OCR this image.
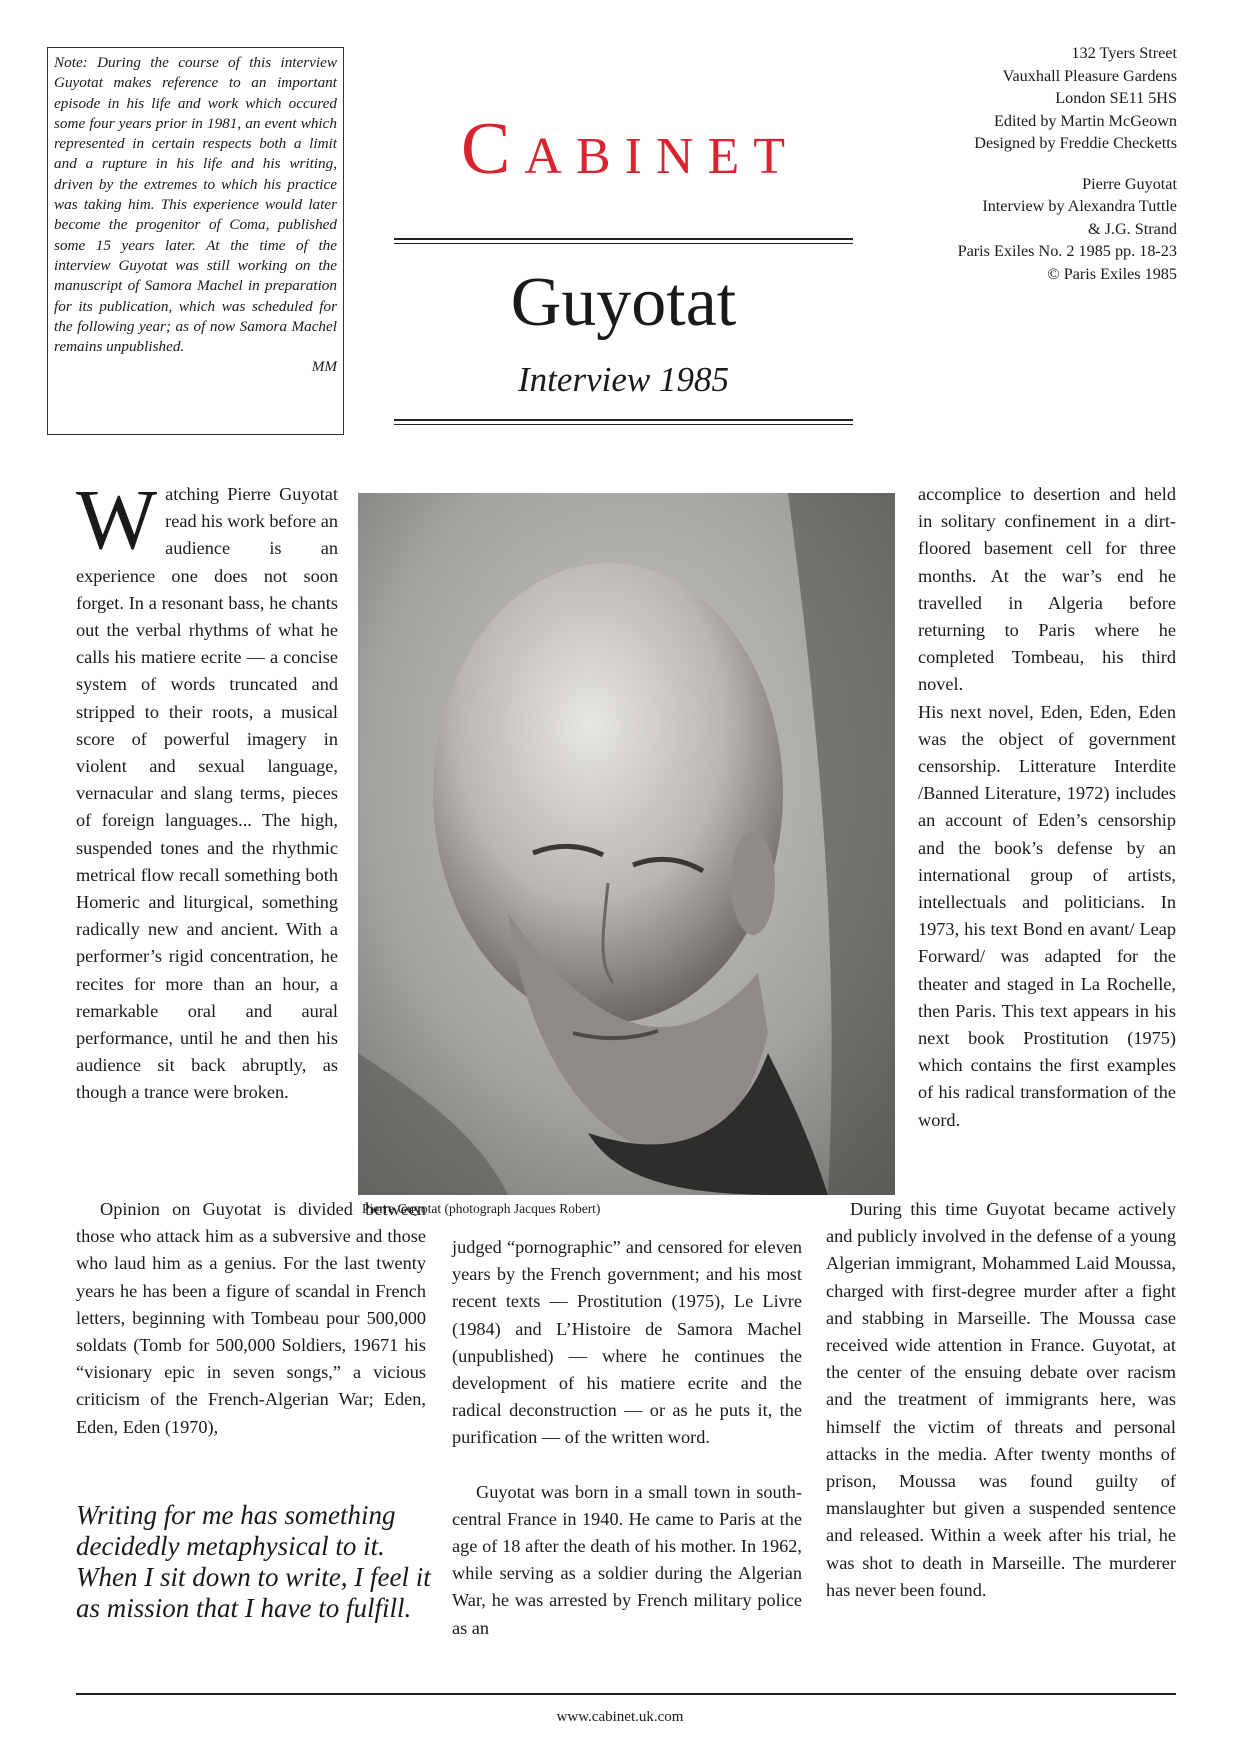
Note: During the course of this interview Guyotat makes reference to an important episode in his life and work which occured some four years prior in 1981, an event which represented in certain respects both a limit and a rupture in his life and his writing, driven by the extremes to which his practice was taking him. This experience would later become the progenitor of Coma, published some 15 years later. At the time of the interview Guyotat was still working on the manuscript of Samora Machel in preparation for its publication, which was scheduled for the following year; as of now Samora Machel remains unpublished.
MM
CABINET
Guyotat
Interview 1985
132 Tyers Street
Vauxhall Pleasure Gardens
London SE11 5HS
Edited by Martin McGeown
Designed by Freddie Checketts
Pierre Guyotat
Interview by Alexandra Tuttle
& J.G. Strand
Paris Exiles No. 2 1985 pp. 18-23
© Paris Exiles 1985

Watching Pierre Guyotat read his work before an audience is an experience one does not soon forget. In a resonant bass, he chants out the verbal rhythms of what he calls his matiere ecrite — a concise system of words truncated and stripped to their roots, a musical score of powerful imagery in violent and sexual language, vernacular and slang terms, pieces of foreign languages... The high, suspended tones and the rhythmic metrical flow recall something both Homeric and liturgical, something radically new and ancient. With a performer’s rigid concentration, he recites for more than an hour, a remarkable oral and aural performance, until he and then his audience sit back abruptly, as though a trance were broken.

Pierre Guyotat (photograph Jacques Robert)

accomplice to desertion and held in solitary confinement in a dirt-floored basement cell for three months. At the war’s end he travelled in Algeria before returning to Paris where he completed Tombeau, his third novel.

His next novel, Eden, Eden, Eden was the object of government censorship. Litterature Interdite /Banned Literature, 1972) includes an account of Eden’s censorship and the book’s defense by an international group of artists, intellectuals and politicians. In 1973, his text Bond en avant/ Leap Forward/ was adapted for the theater and staged in La Rochelle, then Paris. This text appears in his next book Prostitution (1975) which contains the first examples of his radical transformation of the word.

Opinion on Guyotat is divided between those who attack him as a subversive and those who laud him as a genius. For the last twenty years he has been a figure of scandal in French letters, beginning with Tombeau pour 500,000 soldats (Tomb for 500,000 Soldiers, 19671 his “visionary epic in seven songs,” a vicious criticism of the French-Algerian War; Eden, Eden, Eden (1970),

judged “pornographic” and censored for eleven years by the French government; and his most recent texts — Prostitution (1975), Le Livre (1984) and L’Histoire de Samora Machel (unpublished) — where he continues the development of his matiere ecrite and the radical deconstruction — or as he puts it, the purification — of the written word.

Guyotat was born in a small town in south- central France in 1940. He came to Paris at the age of 18 after the death of his mother. In 1962, while serving as a soldier during the Algerian War, he was arrested by French military police as an

During this time Guyotat became actively and publicly involved in the defense of a young Algerian immigrant, Mohammed Laid Moussa, charged with first-degree murder after a fight and stabbing in Marseille. The Moussa case received wide attention in France. Guyotat, at the center of the ensuing debate over racism and the treatment of immigrants here, was himself the victim of threats and personal attacks in the media. After twenty months of prison, Moussa was found guilty of manslaughter but given a suspended sentence and released. Within a week after his trial, he was shot to death in Marseille. The murderer has never been found.

Writing for me has something decidedly metaphysical to it. When I sit down to write, I feel it as mission that I have to fulfill.
www.cabinet.uk.com
